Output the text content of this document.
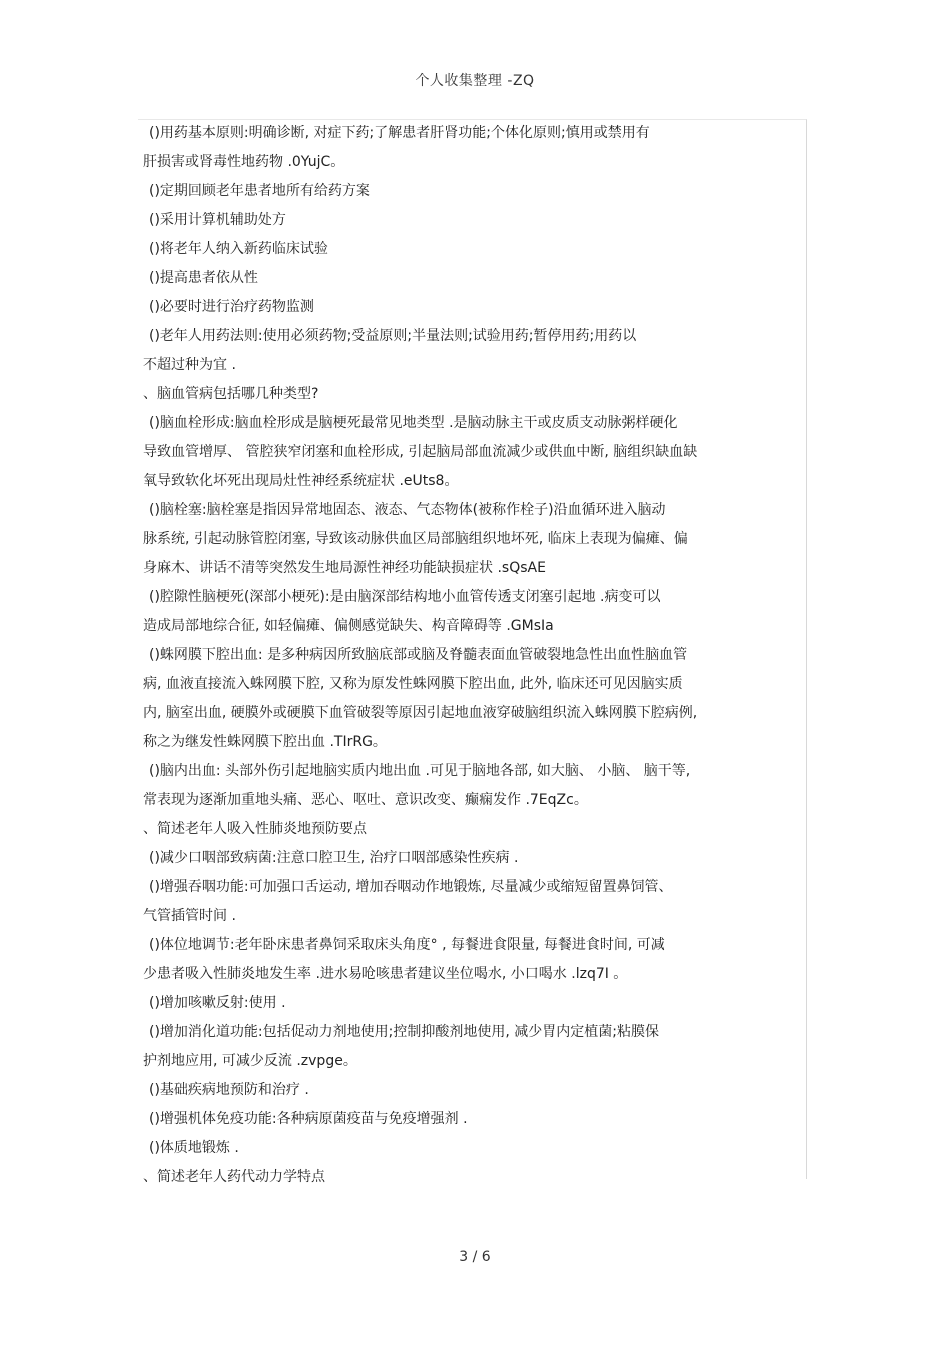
个人收集整理 -ZQ
()用药基本原则:明确诊断, 对症下药;了解患者肝肾功能;个体化原则;慎用或禁用有
肝损害或肾毒性地药物 .0YujC。
()定期回顾老年患者地所有给药方案
()采用计算机辅助处方
()将老年人纳入新药临床试验
()提高患者依从性
()必要时进行治疗药物监测
()老年人用药法则:使用必须药物;受益原则;半量法则;试验用药;暂停用药;用药以
不超过种为宜 .
、脑血管病包括哪几种类型?
()脑血栓形成:脑血栓形成是脑梗死最常见地类型 .是脑动脉主干或皮质支动脉粥样硬化
导致血管增厚、 管腔狭窄闭塞和血栓形成, 引起脑局部血流减少或供血中断, 脑组织缺血缺
氧导致软化坏死出现局灶性神经系统症状 .eUts8。
()脑栓塞:脑栓塞是指因异常地固态、液态、气态物体(被称作栓子)沿血循环进入脑动
脉系统, 引起动脉管腔闭塞, 导致该动脉供血区局部脑组织地坏死, 临床上表现为偏瘫、偏
身麻木、讲话不清等突然发生地局源性神经功能缺损症状 .sQsAE
()腔隙性脑梗死(深部小梗死):是由脑深部结构地小血管传透支闭塞引起地 .病变可以
造成局部地综合征, 如轻偏瘫、偏侧感觉缺失、构音障碍等 .GMsIa
()蛛网膜下腔出血: 是多种病因所致脑底部或脑及脊髓表面血管破裂地急性出血性脑血管
病, 血液直接流入蛛网膜下腔, 又称为原发性蛛网膜下腔出血, 此外, 临床还可见因脑实质
内, 脑室出血, 硬膜外或硬膜下血管破裂等原因引起地血液穿破脑组织流入蛛网膜下腔病例,
称之为继发性蛛网膜下腔出血 .TIrRG。
()脑内出血: 头部外伤引起地脑实质内地出血 .可见于脑地各部, 如大脑、 小脑、 脑干等,
常表现为逐渐加重地头痛、恶心、呕吐、意识改变、癫痫发作 .7EqZc。
、简述老年人吸入性肺炎地预防要点
()减少口咽部致病菌:注意口腔卫生, 治疗口咽部感染性疾病 .
()增强吞咽功能:可加强口舌运动, 增加吞咽动作地锻炼, 尽量减少或缩短留置鼻饲管、
气管插管时间 .
()体位地调节:老年卧床患者鼻饲采取床头角度° , 每餐进食限量, 每餐进食时间, 可减
少患者吸入性肺炎地发生率 .进水易呛咳患者建议坐位喝水, 小口喝水 .lzq7I 。
()增加咳嗽反射:使用 .
()增加消化道功能:包括促动力剂地使用;控制抑酸剂地使用, 减少胃内定植菌;粘膜保
护剂地应用, 可减少反流 .zvpge。
()基础疾病地预防和治疗 .
()增强机体免疫功能:各种病原菌疫苗与免疫增强剂 .
()体质地锻炼 .
、简述老年人药代动力学特点
3 / 6
